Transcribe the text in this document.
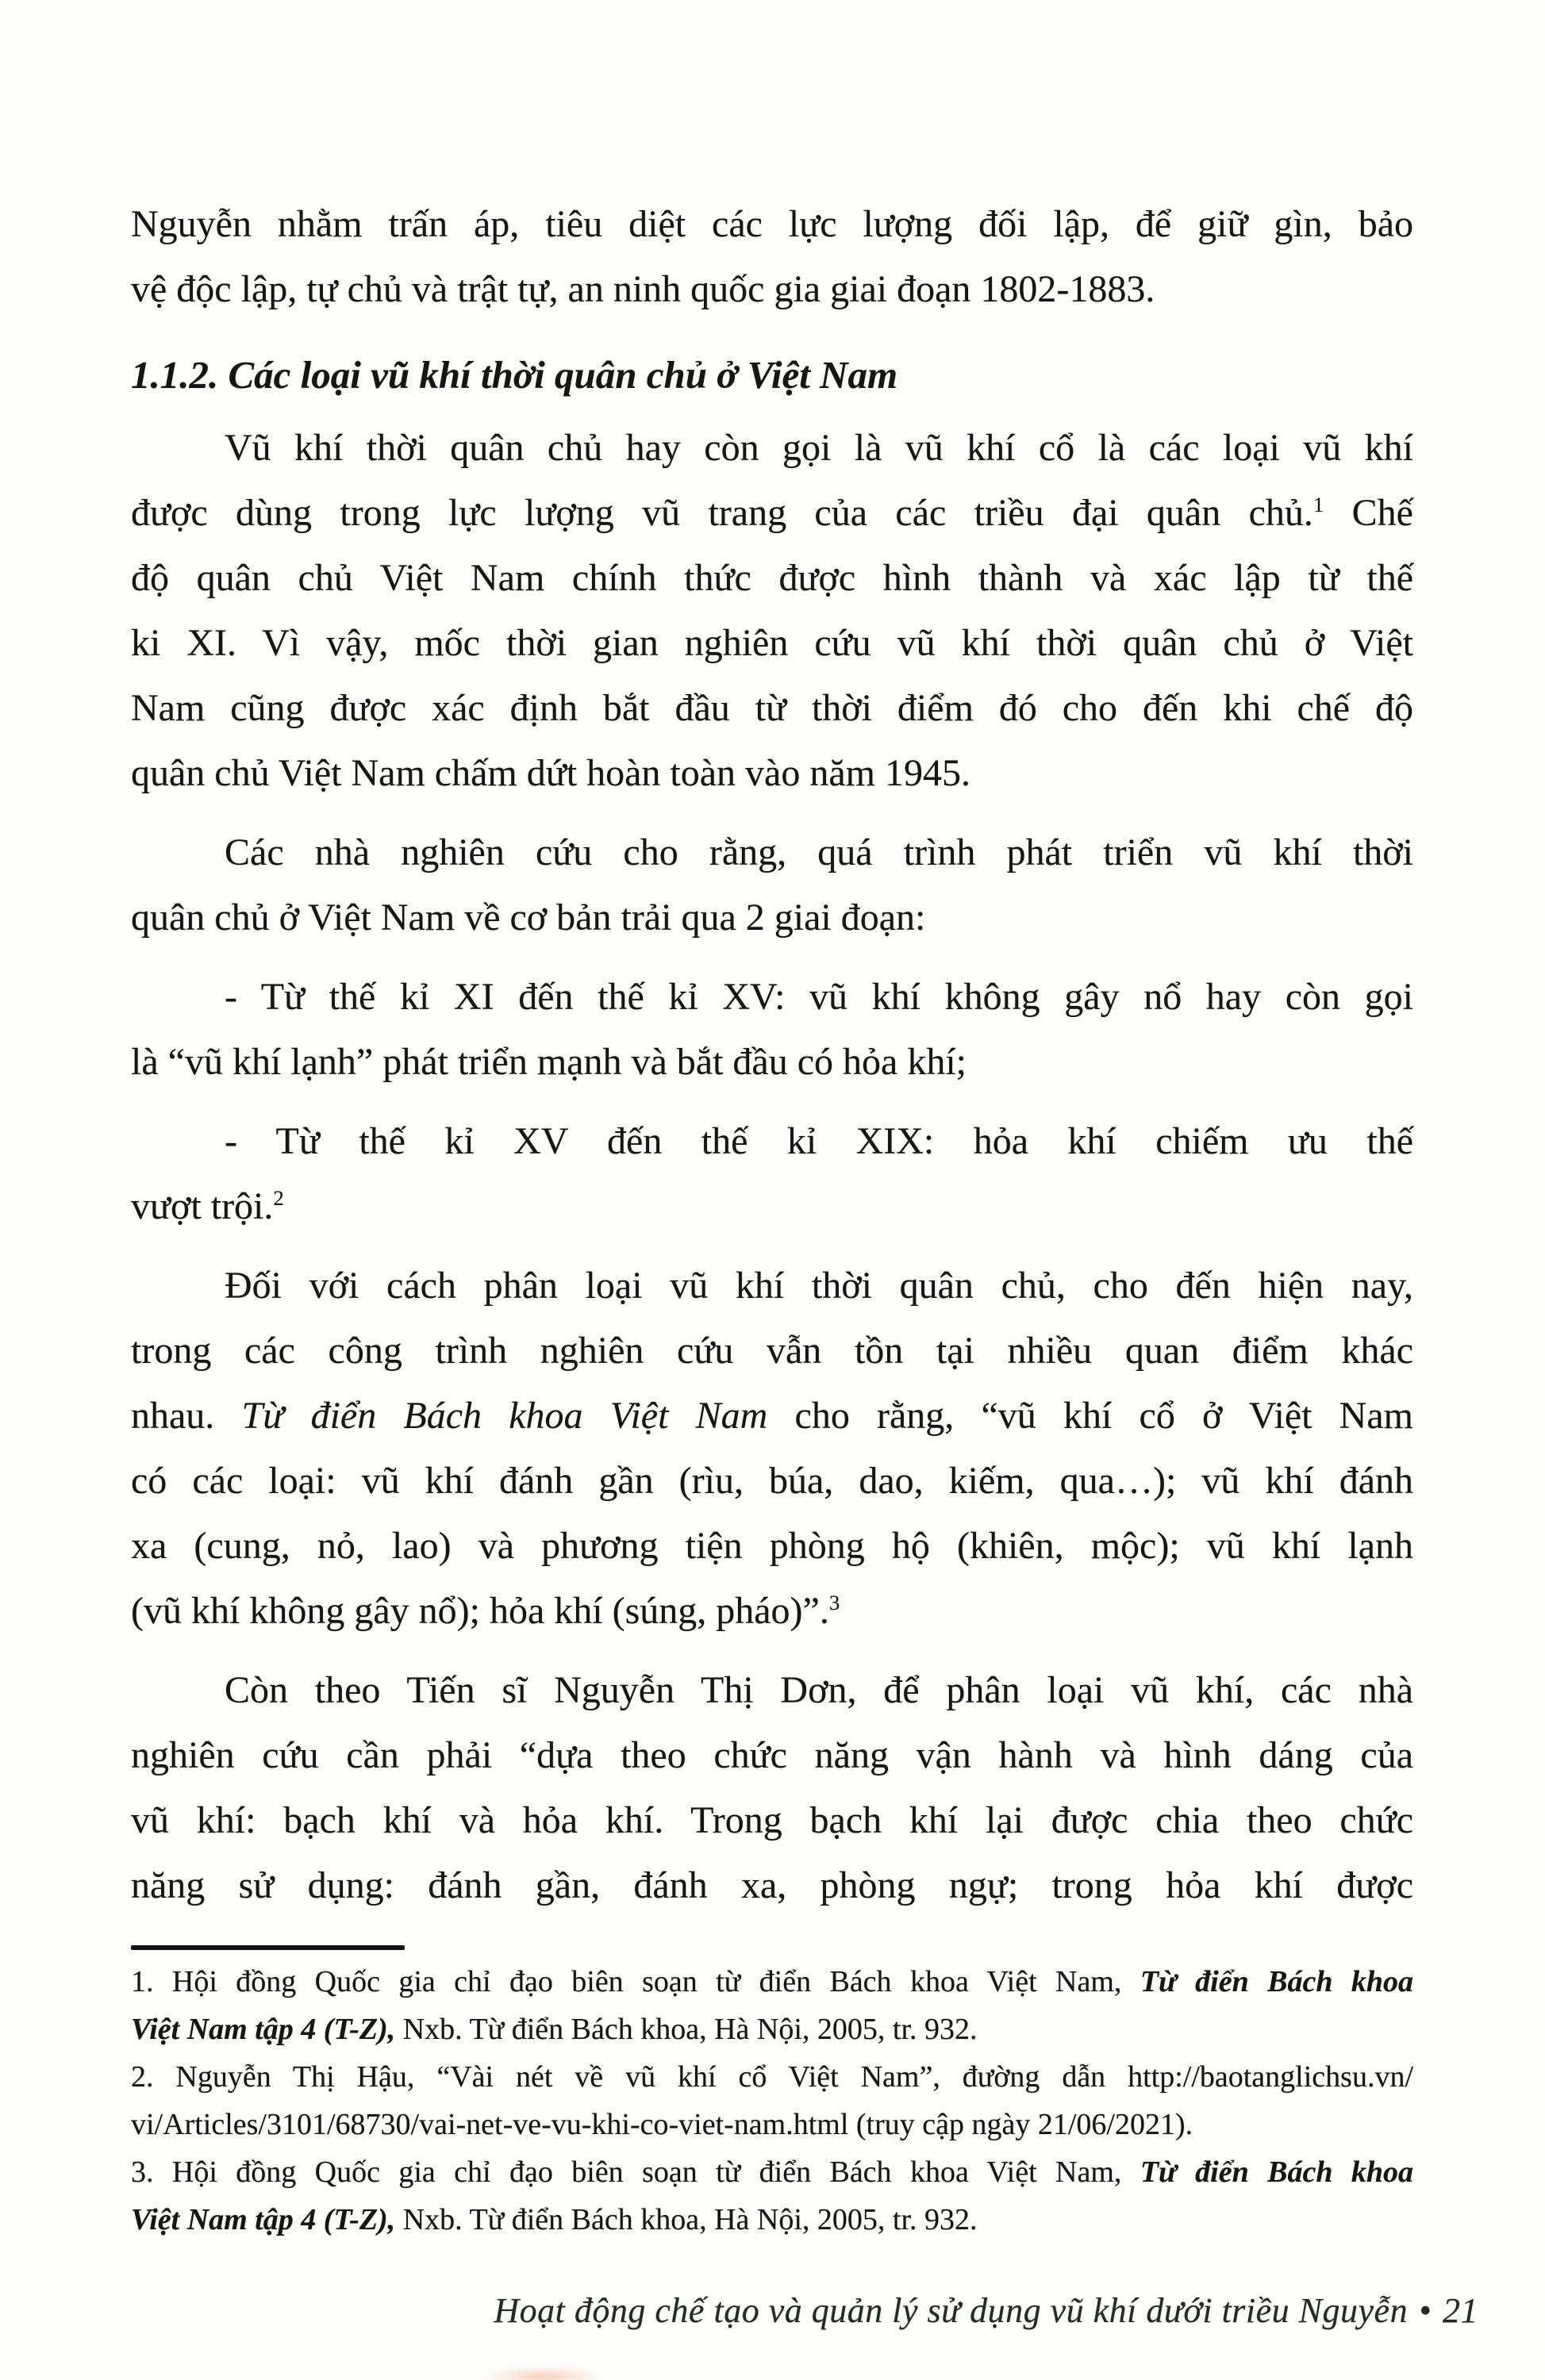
Nguyễn nhằm trấn áp, tiêu diệt các lực lượng đối lập, để giữ gìn, bảo
vệ độc lập, tự chủ và trật tự, an ninh quốc gia giai đoạn 1802-1883.
1.1.2. Các loại vũ khí thời quân chủ ở Việt Nam
Vũ khí thời quân chủ hay còn gọi là vũ khí cổ là các loại vũ khí
được dùng trong lực lượng vũ trang của các triều đại quân chủ.$^1$ Chế
độ quân chủ Việt Nam chính thức được hình thành và xác lập từ thế
ki XI. Vì vậy, mốc thời gian nghiên cứu vũ khí thời quân chủ ở Việt
Nam cũng được xác định bắt đầu từ thời điểm đó cho đến khi chế độ
quân chủ Việt Nam chấm dứt hoàn toàn vào năm 1945.
Các nhà nghiên cứu cho rằng, quá trình phát triển vũ khí thời
quân chủ ở Việt Nam về cơ bản trải qua 2 giai đoạn:
- Từ thế kỉ XI đến thế kỉ XV: vũ khí không gây nổ hay còn gọi
là “vũ khí lạnh” phát triển mạnh và bắt đầu có hỏa khí;
- Từ thế kỉ XV đến thế kỉ XIX: hỏa khí chiếm ưu thế
vượt trội.$^2$
Đối với cách phân loại vũ khí thời quân chủ, cho đến hiện nay,
trong các công trình nghiên cứu vẫn tồn tại nhiều quan điểm khác
nhau. Từ điển Bách khoa Việt Nam cho rằng, “vũ khí cổ ở Việt Nam
có các loại: vũ khí đánh gần (rìu, búa, dao, kiếm, qua…); vũ khí đánh
xa (cung, nỏ, lao) và phương tiện phòng hộ (khiên, mộc); vũ khí lạnh
(vũ khí không gây nổ); hỏa khí (súng, pháo)”.$^3$
Còn theo Tiến sĩ Nguyễn Thị Dơn, để phân loại vũ khí, các nhà
nghiên cứu cần phải “dựa theo chức năng vận hành và hình dáng của
vũ khí: bạch khí và hỏa khí. Trong bạch khí lại được chia theo chức
năng sử dụng: đánh gần, đánh xa, phòng ngự; trong hỏa khí được
1. Hội đồng Quốc gia chỉ đạo biên soạn từ điển Bách khoa Việt Nam, Từ điển Bách khoa
Việt Nam tập 4 (T-Z), Nxb. Từ điển Bách khoa, Hà Nội, 2005, tr. 932.
2. Nguyễn Thị Hậu, “Vài nét về vũ khí cổ Việt Nam”, đường dẫn http://baotanglichsu.vn/
vi/Articles/3101/68730/vai-net-ve-vu-khi-co-viet-nam.html (truy cập ngày 21/06/2021).
3. Hội đồng Quốc gia chỉ đạo biên soạn từ điển Bách khoa Việt Nam, Từ điển Bách khoa
Việt Nam tập 4 (T-Z), Nxb. Từ điển Bách khoa, Hà Nội, 2005, tr. 932.
Hoạt động chế tạo và quản lý sử dụng vũ khí dưới triều Nguyễn • 21
